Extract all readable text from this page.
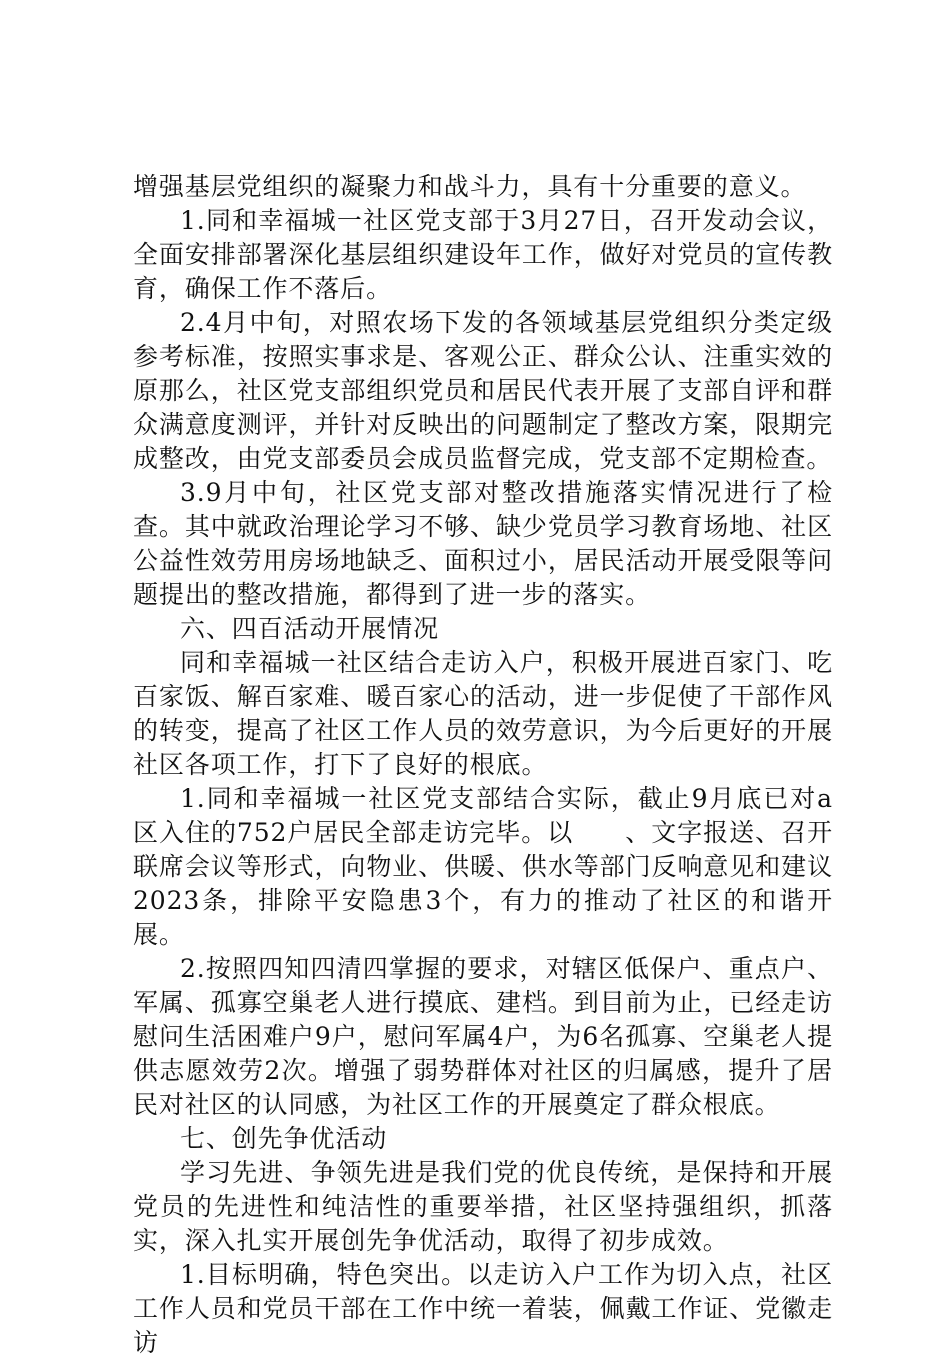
增强基层党组织的凝聚力和战斗力，具有十分重要的意义。

1.同和幸福城一社区党支部于3月27日，召开发动会议，全面安排部署深化基层组织建设年工作，做好对党员的宣传教育，确保工作不落后。

2.4月中旬，对照农场下发的各领域基层党组织分类定级参考标准，按照实事求是、客观公正、群众公认、注重实效的原那么，社区党支部组织党员和居民代表开展了支部自评和群众满意度测评，并针对反映出的问题制定了整改方案，限期完成整改，由党支部委员会成员监督完成，党支部不定期检查。

3.9月中旬，社区党支部对整改措施落实情况进行了检查。其中就政治理论学习不够、缺少党员学习教育场地、社区公益性效劳用房场地缺乏、面积过小，居民活动开展受限等问题提出的整改措施，都得到了进一步的落实。

六、四百活动开展情况

同和幸福城一社区结合走访入户，积极开展进百家门、吃百家饭、解百家难、暖百家心的活动，进一步促使了干部作风的转变，提高了社区工作人员的效劳意识，为今后更好的开展社区各项工作，打下了良好的根底。

1.同和幸福城一社区党支部结合实际，截止9月底已对a区入住的752户居民全部走访完毕。以　　、文字报送、召开联席会议等形式，向物业、供暖、供水等部门反响意见和建议2023条，排除平安隐患3个，有力的推动了社区的和谐开展。

2.按照四知四清四掌握的要求，对辖区低保户、重点户、军属、孤寡空巢老人进行摸底、建档。到目前为止，已经走访慰问生活困难户9户，慰问军属4户，为6名孤寡、空巢老人提供志愿效劳2次。增强了弱势群体对社区的归属感，提升了居民对社区的认同感，为社区工作的开展奠定了群众根底。

七、创先争优活动

学习先进、争领先进是我们党的优良传统，是保持和开展党员的先进性和纯洁性的重要举措，社区坚持强组织，抓落实，深入扎实开展创先争优活动，取得了初步成效。

1.目标明确，特色突出。以走访入户工作为切入点，社区工作人员和党员干部在工作中统一着装，佩戴工作证、党徽走访
